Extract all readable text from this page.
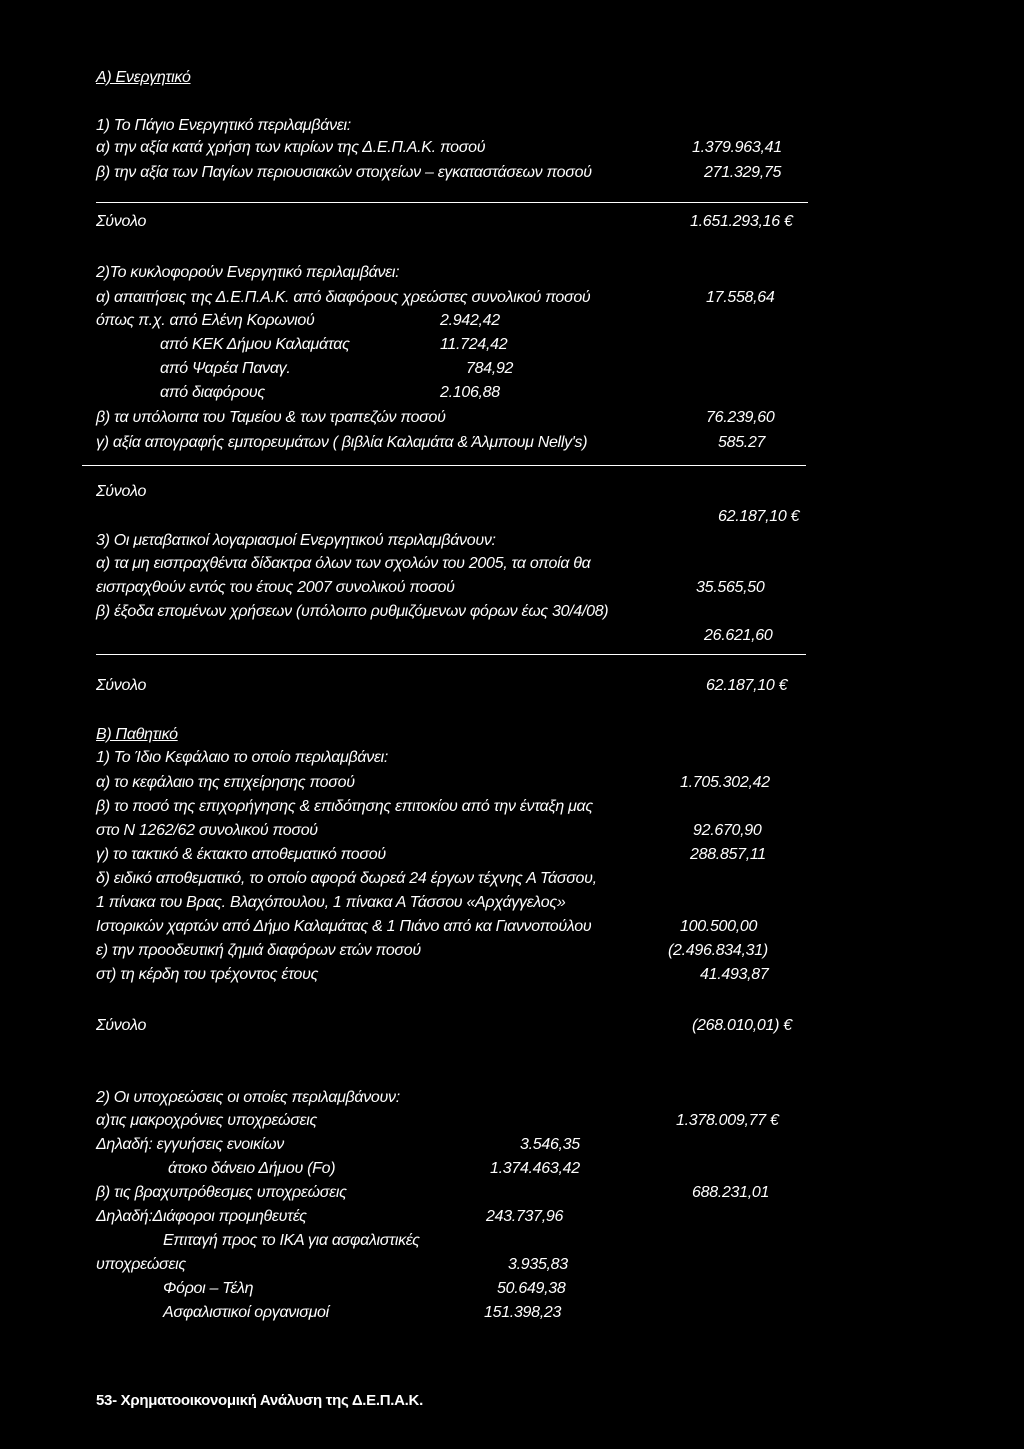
Α) Ενεργητικό
1) Το Πάγιο Ενεργητικό περιλαμβάνει:
α) την αξία κατά χρήση των κτιρίων της Δ.Ε.Π.Α.Κ. ποσού	1.379.963,41
β) την αξία των Παγίων περιουσιακών στοιχείων – εγκαταστάσεων ποσού	271.329,75
Σύνολο	1.651.293,16 €
2)Το κυκλοφορούν Ενεργητικό περιλαμβάνει:
α) απαιτήσεις της Δ.Ε.Π.Α.Κ. από διαφόρους χρεώστες συνολικού ποσού	17.558,64
όπως π.χ. από Ελένη Κορωνιού	2.942,42
από ΚΕΚ Δήμου Καλαμάτας	11.724,42
από Ψαρέα Παναγ.	784,92
από διαφόρους	2.106,88
β) τα υπόλοιπα του Ταμείου & των τραπεζών ποσού	76.239,60
γ) αξία απογραφής εμπορευμάτων ( βιβλία Καλαμάτα & Άλμπουμ Nelly's)	585.27
Σύνολο
62.187,10 €
3) Οι μεταβατικοί λογαριασμοί Ενεργητικού περιλαμβάνουν:
α) τα μη εισπραχθέντα δίδακτρα όλων των σχολών του 2005, τα οποία θα
εισπραχθούν εντός του έτους 2007 συνολικού ποσού	35.565,50
β) έξοδα επομένων χρήσεων (υπόλοιπο ρυθμιζόμενων φόρων έως 30/4/08)
26.621,60
Σύνολο	62.187,10 €
Β) Παθητικό
1) Το Ίδιο Κεφάλαιο το οποίο περιλαμβάνει:
α) το κεφάλαιο της επιχείρησης ποσού	1.705.302,42
β) το ποσό της επιχορήγησης & επιδότησης επιτοκίου από την ένταξη μας
στο Ν 1262/62 συνολικού ποσού	92.670,90
γ) το τακτικό & έκτακτο αποθεματικό ποσού	288.857,11
δ) ειδικό αποθεματικό, το οποίο αφορά δωρεά 24 έργων τέχνης Α Τάσσου,
1 πίνακα του Βρας. Βλαχόπουλου, 1 πίνακα Α Τάσσου «Αρχάγγελος»
Ιστορικών χαρτών από Δήμο Καλαμάτας & 1 Πιάνο από κα Γιαννοπούλου	100.500,00
ε) την προοδευτική ζημιά διαφόρων ετών ποσού	(2.496.834,31)
στ) τη κέρδη του τρέχοντος έτους	41.493,87
Σύνολο	(268.010,01) €
2) Οι υποχρεώσεις οι οποίες περιλαμβάνουν:
α)τις μακροχρόνιες υποχρεώσεις	1.378.009,77 €
Δηλαδή: εγγυήσεις ενοικίων	3.546,35
άτοκο δάνειο Δήμου (Fo)	1.374.463,42
β) τις βραχυπρόθεσμες υποχρεώσεις	688.231,01
Δηλαδή:Διάφοροι προμηθευτές	243.737,96
Επιταγή προς το ΙΚΑ για ασφαλιστικές
υποχρεώσεις	3.935,83
Φόροι – Τέλη	50.649,38
Ασφαλιστικοί οργανισμοί	151.398,23
53- Χρηματοοικονομική Ανάλυση της Δ.Ε.Π.Α.Κ.
